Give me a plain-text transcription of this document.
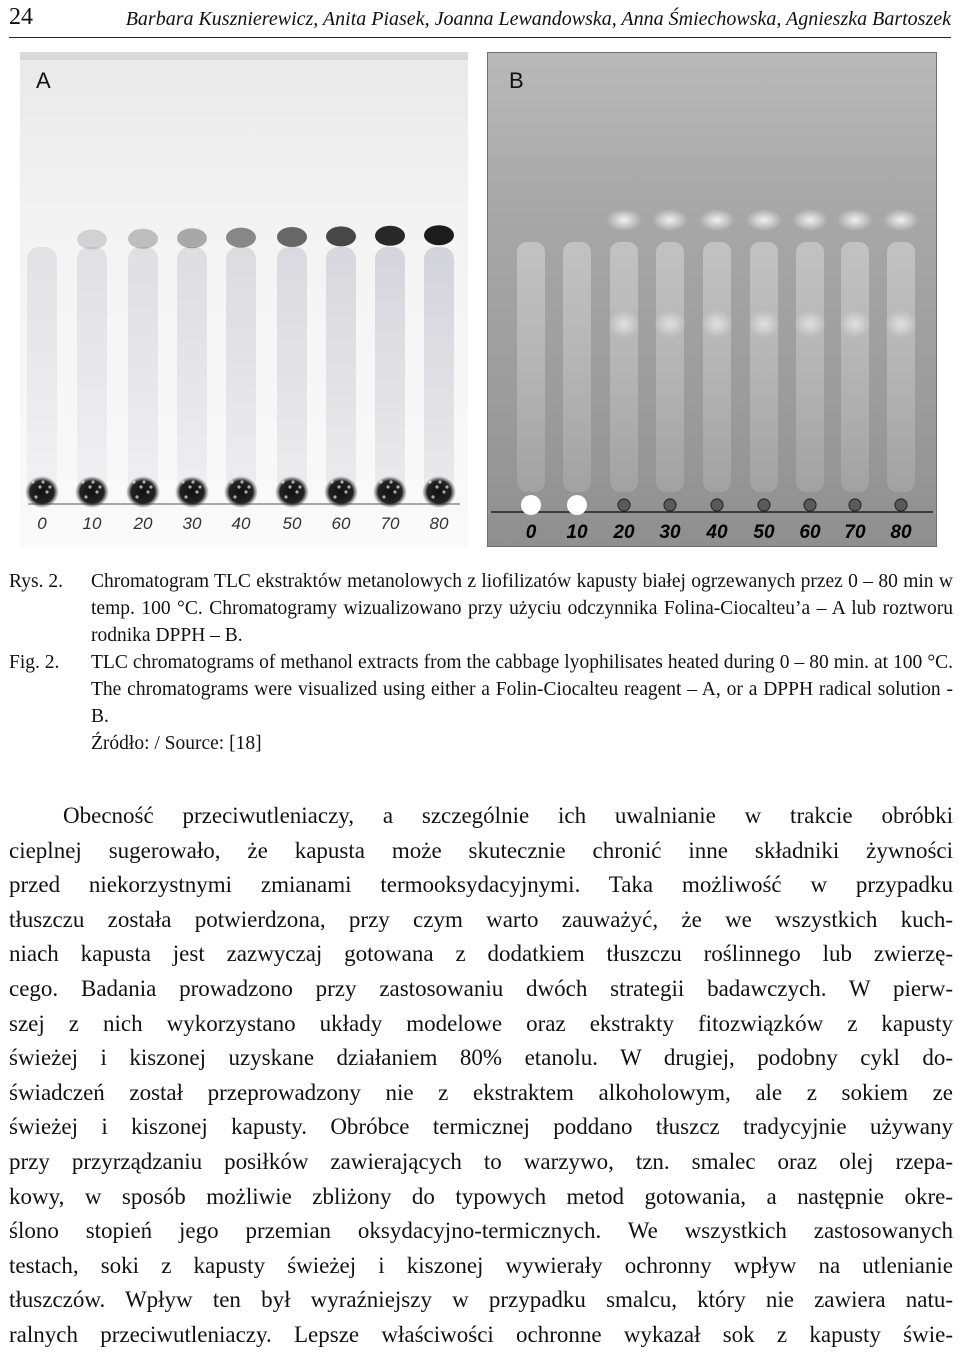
24	Barbara Kusznierewicz, Anita Piasek, Joanna Lewandowska, Anna Śmiechowska, Agnieszka Bartoszek
A
0 10 20 30 40 50 60 70 80
B
0 10 20 30 40 50 60 70 80
Rys. 2.	Chromatogram TLC ekstraktów metanolowych z liofilizatów kapusty białej ogrzewanych przez 0 – 80 min w temp. 100 °C. Chromatogramy wizualizowano przy użyciu odczynnika Folina-Ciocalteu’a – A lub roztworu rodnika DPPH – B.
Fig. 2.	TLC chromatograms of methanol extracts from the cabbage lyophilisates heated during 0 – 80 min. at 100 °C. The chromatograms were visualized using either a Folin-Ciocalteu reagent – A, or a DPPH radical solution - B.
Źródło: / Source: [18]
Obecność przeciwutleniaczy, a szczególnie ich uwalnianie w trakcie obróbki
cieplnej sugerowało, że kapusta może skutecznie chronić inne składniki żywności
przed niekorzystnymi zmianami termooksydacyjnymi. Taka możliwość w przypadku
tłuszczu została potwierdzona, przy czym warto zauważyć, że we wszystkich kuch-
niach kapusta jest zazwyczaj gotowana z dodatkiem tłuszczu roślinnego lub zwierzę-
cego. Badania prowadzono przy zastosowaniu dwóch strategii badawczych. W pierw-
szej z nich wykorzystano układy modelowe oraz ekstrakty fitozwiązków z kapusty
świeżej i kiszonej uzyskane działaniem 80% etanolu. W drugiej, podobny cykl do-
świadczeń został przeprowadzony nie z ekstraktem alkoholowym, ale z sokiem ze
świeżej i kiszonej kapusty. Obróbce termicznej poddano tłuszcz tradycyjnie używany
przy przyrządzaniu posiłków zawierających to warzywo, tzn. smalec oraz olej rzepa-
kowy, w sposób możliwie zbliżony do typowych metod gotowania, a następnie okre-
ślono stopień jego przemian oksydacyjno-termicznych. We wszystkich zastosowanych
testach, soki z kapusty świeżej i kiszonej wywierały ochronny wpływ na utlenianie
tłuszczów. Wpływ ten był wyraźniejszy w przypadku smalcu, który nie zawiera natu-
ralnych przeciwutleniaczy. Lepsze właściwości ochronne wykazał sok z kapusty świe-
